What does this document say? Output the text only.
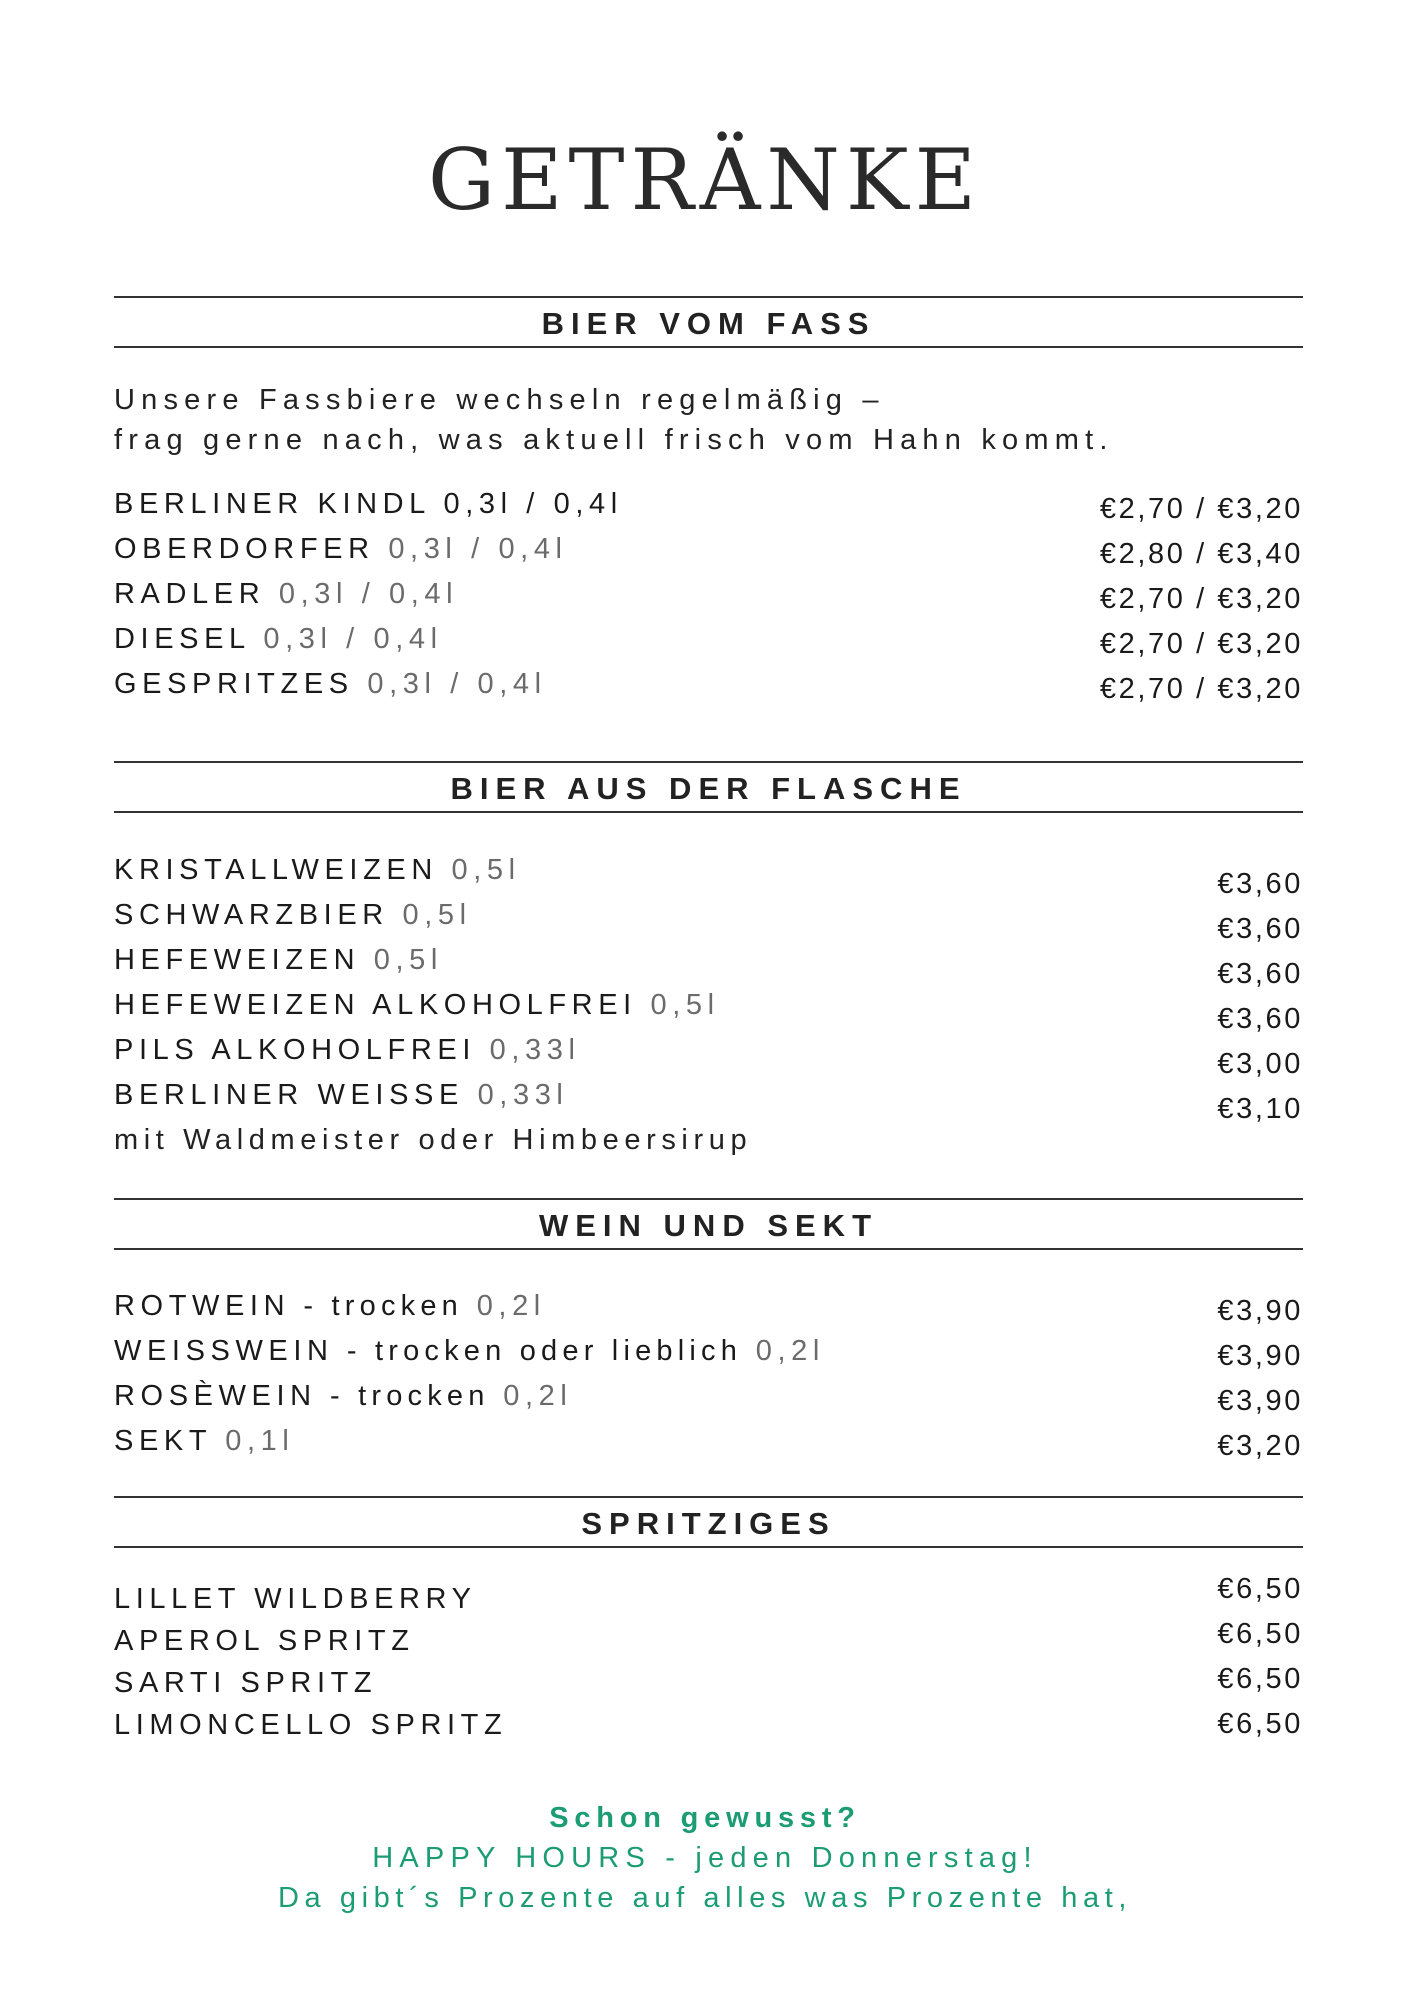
GETRÄNKE
BIER VOM FASS
Unsere Fassbiere wechseln regelmäßig –
frag gerne nach, was aktuell frisch vom Hahn kommt.
BERLINER KINDL 0,3l / 0,4l	€2,70 / €3,20
OBERDORFER 0,3l / 0,4l	€2,80 / €3,40
RADLER 0,3l / 0,4l	€2,70 / €3,20
DIESEL 0,3l / 0,4l	€2,70 / €3,20
GESPRITZES 0,3l / 0,4l	€2,70 / €3,20
BIER AUS DER FLASCHE
KRISTALLWEIZEN 0,5l	€3,60
SCHWARZBIER 0,5l	€3,60
HEFEWEIZEN 0,5l	€3,60
HEFEWEIZEN ALKOHOLFREI 0,5l	€3,60
PILS ALKOHOLFREI 0,33l	€3,00
BERLINER WEISSE 0,33l	€3,10
mit Waldmeister oder Himbeersirup
WEIN UND SEKT
ROTWEIN - trocken 0,2l	€3,90
WEISSWEIN - trocken oder lieblich 0,2l	€3,90
ROSÈWEIN - trocken 0,2l	€3,90
SEKT 0,1l	€3,20
SPRITZIGES
LILLET WILDBERRY	€6,50
APEROL SPRITZ	€6,50
SARTI SPRITZ	€6,50
LIMONCELLO SPRITZ	€6,50
Schon gewusst?
HAPPY HOURS - jeden Donnerstag!
Da gibt´s Prozente auf alles was Prozente hat,
